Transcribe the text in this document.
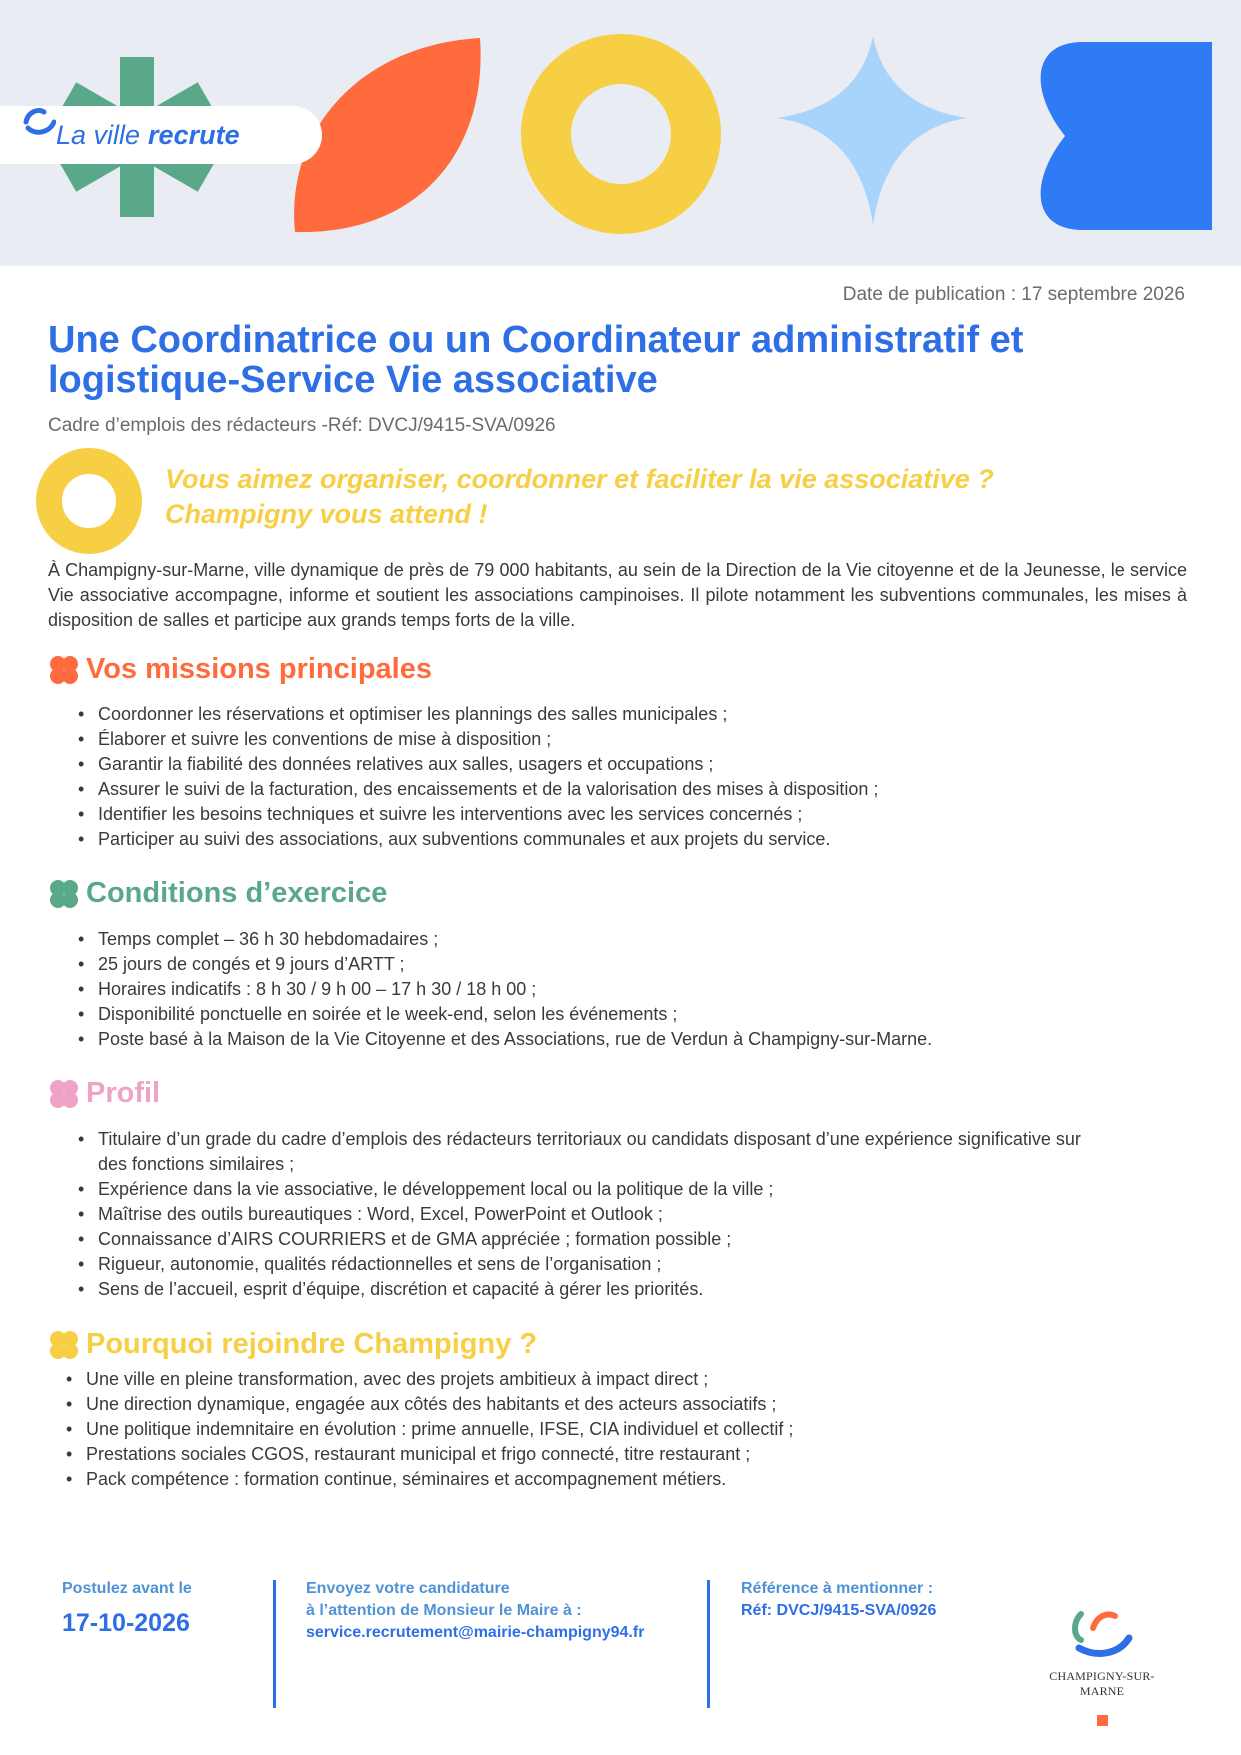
La ville recrute
Date de publication : 17 septembre 2026
Une Coordinatrice ou un Coordinateur administratif et logistique-Service Vie associative
Cadre d’emplois des rédacteurs -Réf: DVCJ/9415-SVA/0926
Vous aimez organiser, coordonner et faciliter la vie associative ?
Champigny vous attend !
À Champigny-sur-Marne, ville dynamique de près de 79 000 habitants, au sein de la Direction de la Vie citoyenne et de la Jeunesse, le service Vie associative accompagne, informe et soutient les associations campinoises. Il pilote notamment les subventions communales, les mises à disposition de salles et participe aux grands temps forts de la ville.
Vos missions principales
• Coordonner les réservations et optimiser les plannings des salles municipales ;
• Élaborer et suivre les conventions de mise à disposition ;
• Garantir la fiabilité des données relatives aux salles, usagers et occupations ;
• Assurer le suivi de la facturation, des encaissements et de la valorisation des mises à disposition ;
• Identifier les besoins techniques et suivre les interventions avec les services concernés ;
• Participer au suivi des associations, aux subventions communales et aux projets du service.
Conditions d’exercice
• Temps complet – 36 h 30 hebdomadaires ;
• 25 jours de congés et 9 jours d’ARTT ;
• Horaires indicatifs : 8 h 30 / 9 h 00 – 17 h 30 / 18 h 00 ;
• Disponibilité ponctuelle en soirée et le week-end, selon les événements ;
• Poste basé à la Maison de la Vie Citoyenne et des Associations, rue de Verdun à Champigny-sur-Marne.
Profil
• Titulaire d’un grade du cadre d’emplois des rédacteurs territoriaux ou candidats disposant d’une expérience significative sur des fonctions similaires ;
• Expérience dans la vie associative, le développement local ou la politique de la ville ;
• Maîtrise des outils bureautiques : Word, Excel, PowerPoint et Outlook ;
• Connaissance d’AIRS COURRIERS et de GMA appréciée ; formation possible ;
• Rigueur, autonomie, qualités rédactionnelles et sens de l’organisation ;
• Sens de l’accueil, esprit d’équipe, discrétion et capacité à gérer les priorités.
Pourquoi rejoindre Champigny ?
• Une ville en pleine transformation, avec des projets ambitieux à impact direct ;
• Une direction dynamique, engagée aux côtés des habitants et des acteurs associatifs ;
• Une politique indemnitaire en évolution : prime annuelle, IFSE, CIA individuel et collectif ;
• Prestations sociales CGOS, restaurant municipal et frigo connecté, titre restaurant ;
• Pack compétence : formation continue, séminaires et accompagnement métiers.
Postulez avant le
17-10-2026
Envoyez votre candidature
à l’attention de Monsieur le Maire à :
service.recrutement@mairie-champigny94.fr
Référence à mentionner :
Réf: DVCJ/9415-SVA/0926
CHAMPIGNY-SUR-MARNE
